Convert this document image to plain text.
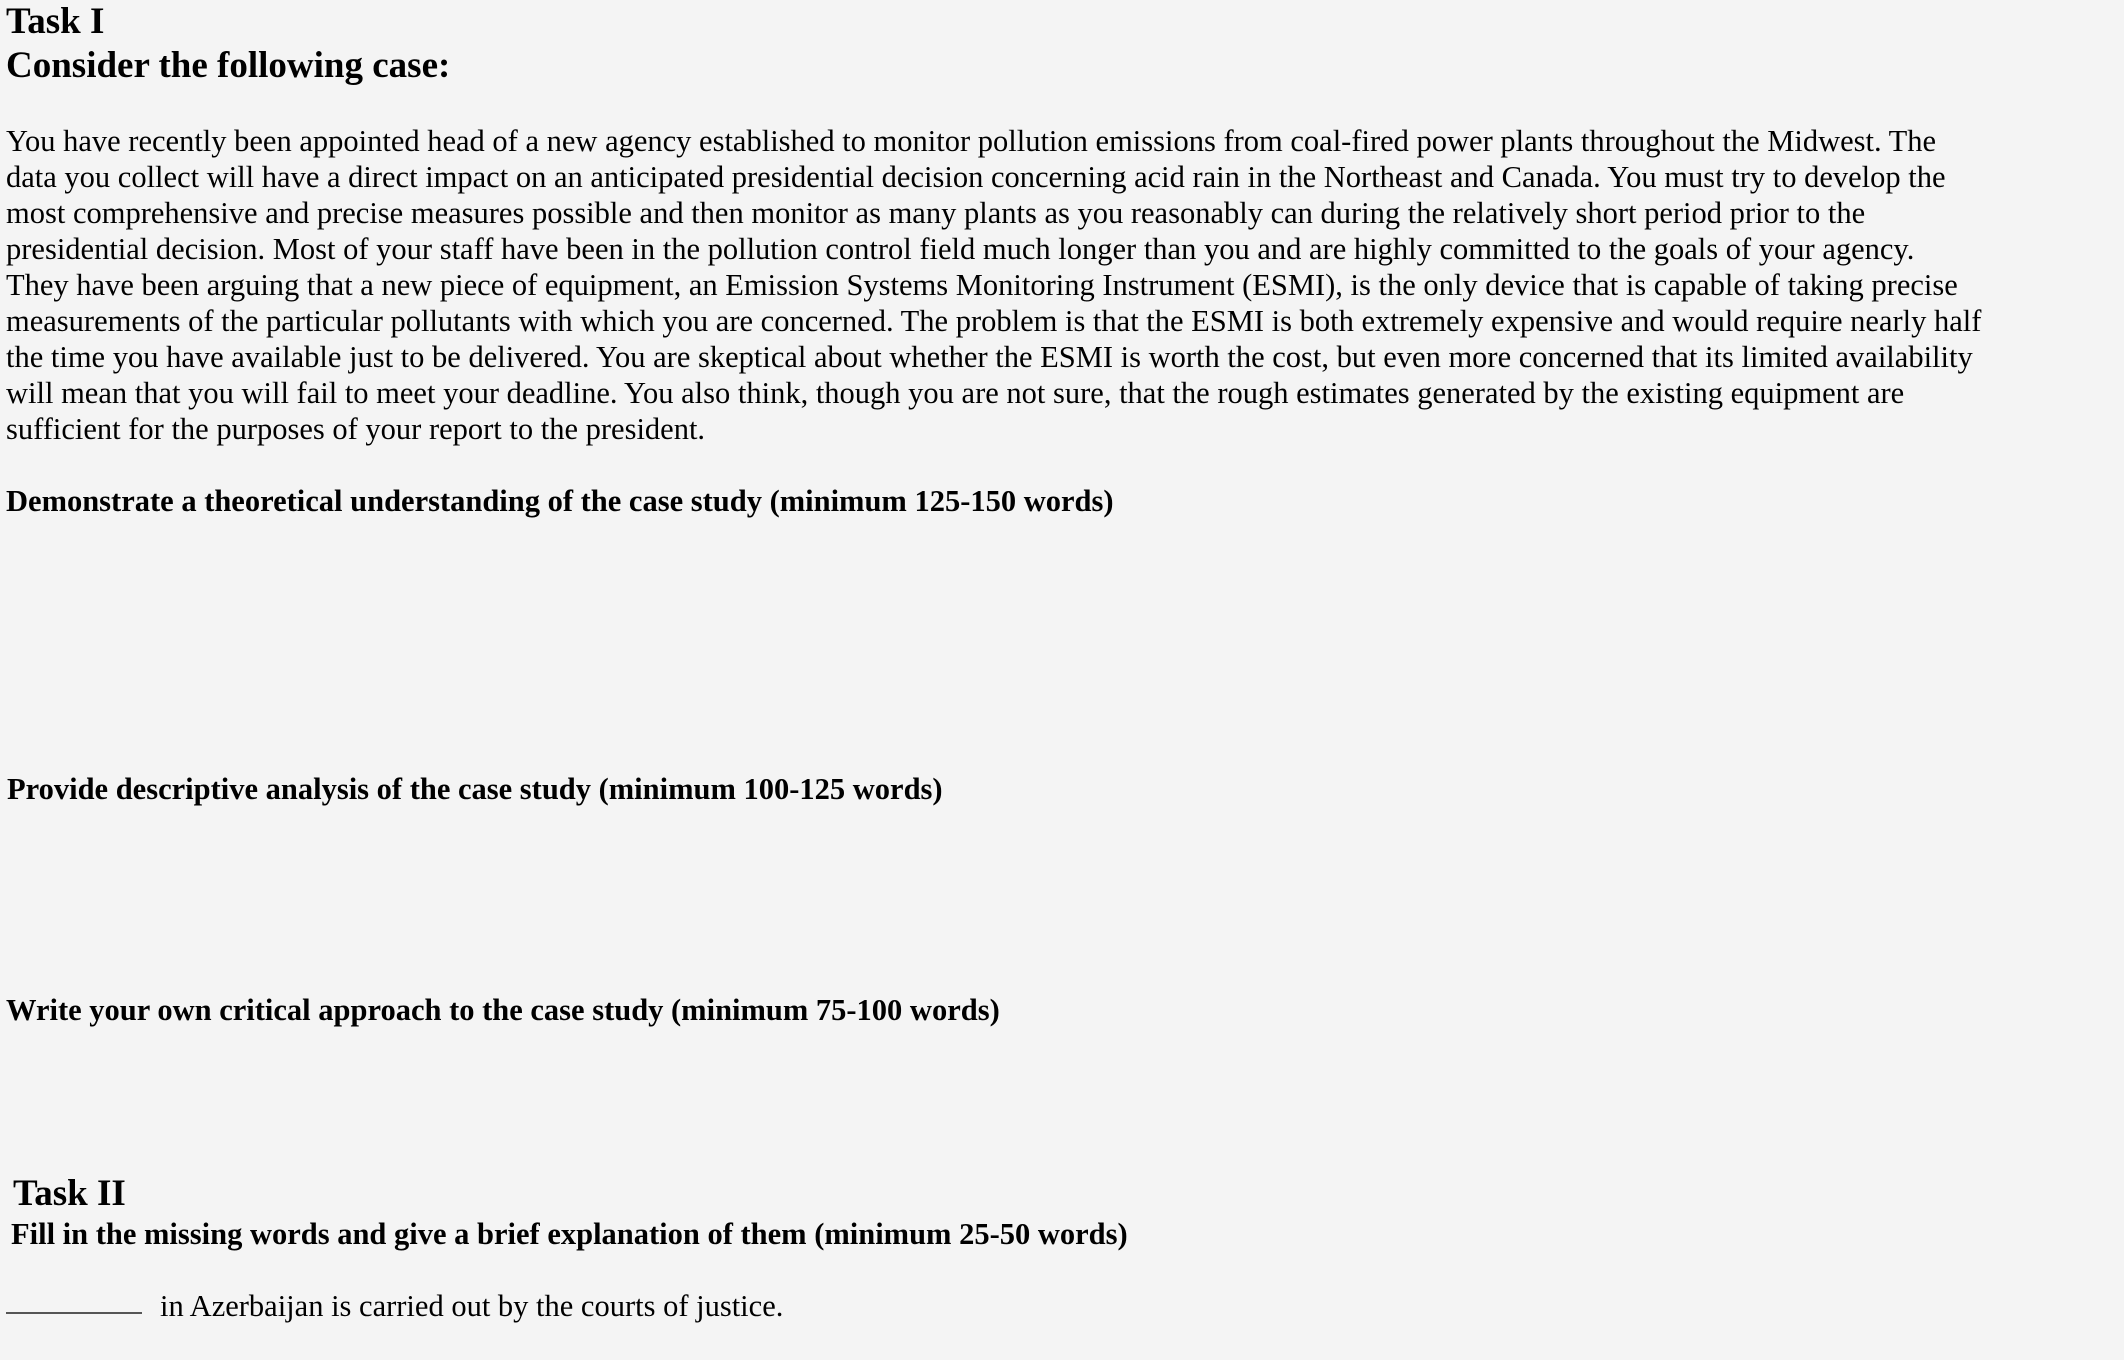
Task I
Consider the following case:
You have recently been appointed head of a new agency established to monitor pollution emissions from coal-fired power plants throughout the Midwest. The
data you collect will have a direct impact on an anticipated presidential decision concerning acid rain in the Northeast and Canada. You must try to develop the
most comprehensive and precise measures possible and then monitor as many plants as you reasonably can during the relatively short period prior to the
presidential decision. Most of your staff have been in the pollution control field much longer than you and are highly committed to the goals of your agency.
They have been arguing that a new piece of equipment, an Emission Systems Monitoring Instrument (ESMI), is the only device that is capable of taking precise
measurements of the particular pollutants with which you are concerned. The problem is that the ESMI is both extremely expensive and would require nearly half
the time you have available just to be delivered. You are skeptical about whether the ESMI is worth the cost, but even more concerned that its limited availability
will mean that you will fail to meet your deadline. You also think, though you are not sure, that the rough estimates generated by the existing equipment are
sufficient for the purposes of your report to the president.
Demonstrate a theoretical understanding of the case study (minimum 125-150 words)
Provide descriptive analysis of the case study (minimum 100-125 words)
Write your own critical approach to the case study (minimum 75-100 words)
Task II
Fill in the missing words and give a brief explanation of them (minimum 25-50 words)
in Azerbaijan is carried out by the courts of justice.
